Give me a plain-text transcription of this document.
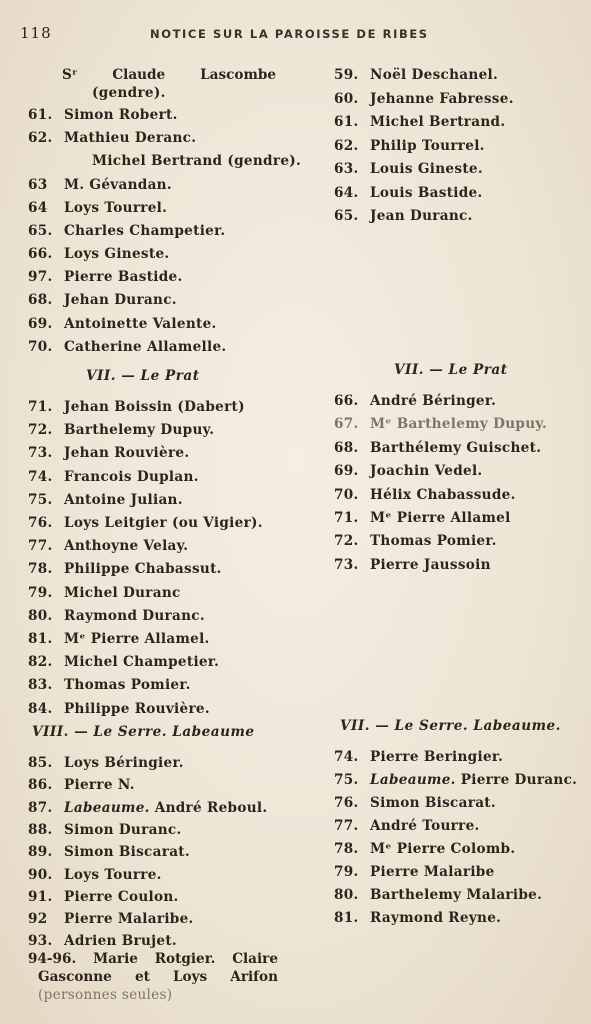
118	NOTICE SUR LA PAROISSE DE RIBES
Sʳ	Claude	Lascombe
(gendre).
61. Simon Robert.
62. Mathieu Deranc.
Michel Bertrand (gendre).
63 M. Gévandan.
64 Loys Tourrel.
65. Charles Champetier.
66. Loys Gineste.
97. Pierre Bastide.
68. Jehan Duranc.
69. Antoinette Valente.
70. Catherine Allamelle.
VII. — Le Prat
71. Jehan Boissin (Dabert)
72. Barthelemy Dupuy.
73. Jehan Rouvière.
74. Francois Duplan.
75. Antoine Julian.
76. Loys Leitgier (ou Vigier).
77. Anthoyne Velay.
78. Philippe Chabassut.
79. Michel Duranc
80. Raymond Duranc.
81. Mᵉ Pierre Allamel.
82. Michel Champetier.
83. Thomas Pomier.
84. Philippe Rouvière.
VIII. — Le Serre. Labeaume
85. Loys Béringier.
86. Pierre N.
87. Labeaume. André Reboul.
88. Simon Duranc.
89. Simon Biscarat.
90. Loys Tourre.
91. Pierre Coulon.
92 Pierre Malaribe.
93. Adrien Brujet.
94-96. Marie Rotgier. Claire
Gasconne et Loys Arifon
(personnes seules)
59. Noël Deschanel.
60. Jehanne Fabresse.
61. Michel Bertrand.
62. Philip Tourrel.
63. Louis Gineste.
64. Louis Bastide.
65. Jean Duranc.
VII. — Le Prat
66. André Béringer.
67. Mᵉ Barthelemy Dupuy.
68. Barthélemy Guischet.
69. Joachin Vedel.
70. Hélix Chabassude.
71. Mᵉ Pierre Allamel
72. Thomas Pomier.
73. Pierre Jaussoin
VII. — Le Serre. Labeaume.
74. Pierre Beringier.
75. Labeaume. Pierre Duranc.
76. Simon Biscarat.
77. André Tourre.
78. Mᵉ Pierre Colomb.
79. Pierre Malaribe
80. Barthelemy Malaribe.
81. Raymond Reyne.
